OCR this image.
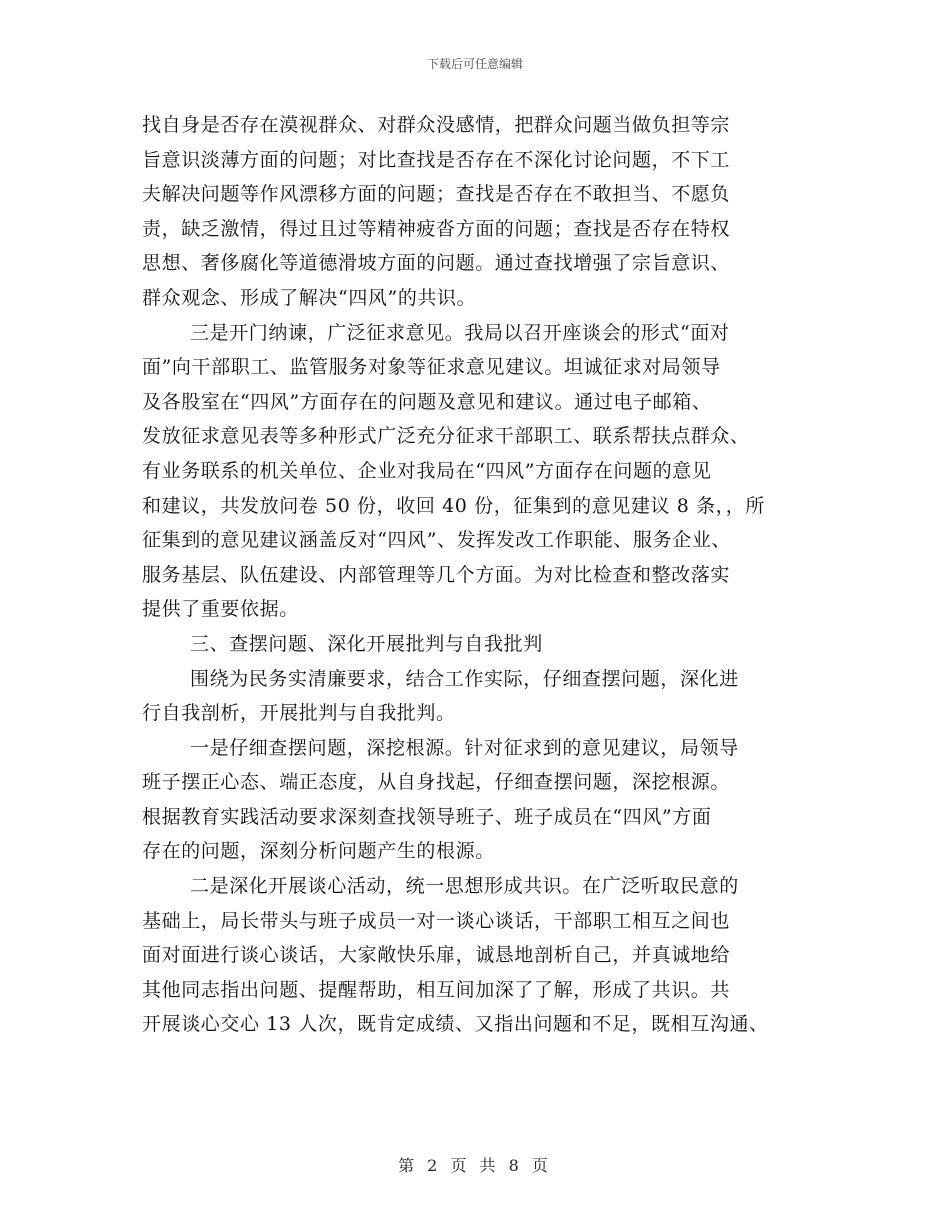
下载后可任意编辑
找自身是否存在漠视群众、对群众没感情，把群众问题当做负担等宗
旨意识淡薄方面的问题；对比查找是否存在不深化讨论问题，不下工
夫解决问题等作风漂移方面的问题；查找是否存在不敢担当、不愿负
责，缺乏激情，得过且过等精神疲沓方面的问题；查找是否存在特权
思想、奢侈腐化等道德滑坡方面的问题。通过查找增强了宗旨意识、
群众观念、形成了解决“四风”的共识。
三是开门纳谏，广泛征求意见。我局以召开座谈会的形式“面对
面”向干部职工、监管服务对象等征求意见建议。坦诚征求对局领导
及各股室在“四风”方面存在的问题及意见和建议。通过电子邮箱、
发放征求意见表等多种形式广泛充分征求干部职工、联系帮扶点群众、
有业务联系的机关单位、企业对我局在“四风”方面存在问题的意见
和建议，共发放问卷 50 份，收回 40 份，征集到的意见建议 8 条，，所
征集到的意见建议涵盖反对“四风”、发挥发改工作职能、服务企业、
服务基层、队伍建设、内部管理等几个方面。为对比检查和整改落实
提供了重要依据。
三、查摆问题、深化开展批判与自我批判
围绕为民务实清廉要求，结合工作实际，仔细查摆问题，深化进
行自我剖析，开展批判与自我批判。
一是仔细查摆问题，深挖根源。针对征求到的意见建议，局领导
班子摆正心态、端正态度，从自身找起，仔细查摆问题，深挖根源。
根据教育实践活动要求深刻查找领导班子、班子成员在“四风”方面
存在的问题，深刻分析问题产生的根源。
二是深化开展谈心活动，统一思想形成共识。在广泛听取民意的
基础上，局长带头与班子成员一对一谈心谈话，干部职工相互之间也
面对面进行谈心谈话，大家敞快乐扉，诚恳地剖析自己，并真诚地给
其他同志指出问题、提醒帮助，相互间加深了了解，形成了共识。共
开展谈心交心 13 人次，既肯定成绩、又指出问题和不足，既相互沟通、
第 2 页 共 8 页
